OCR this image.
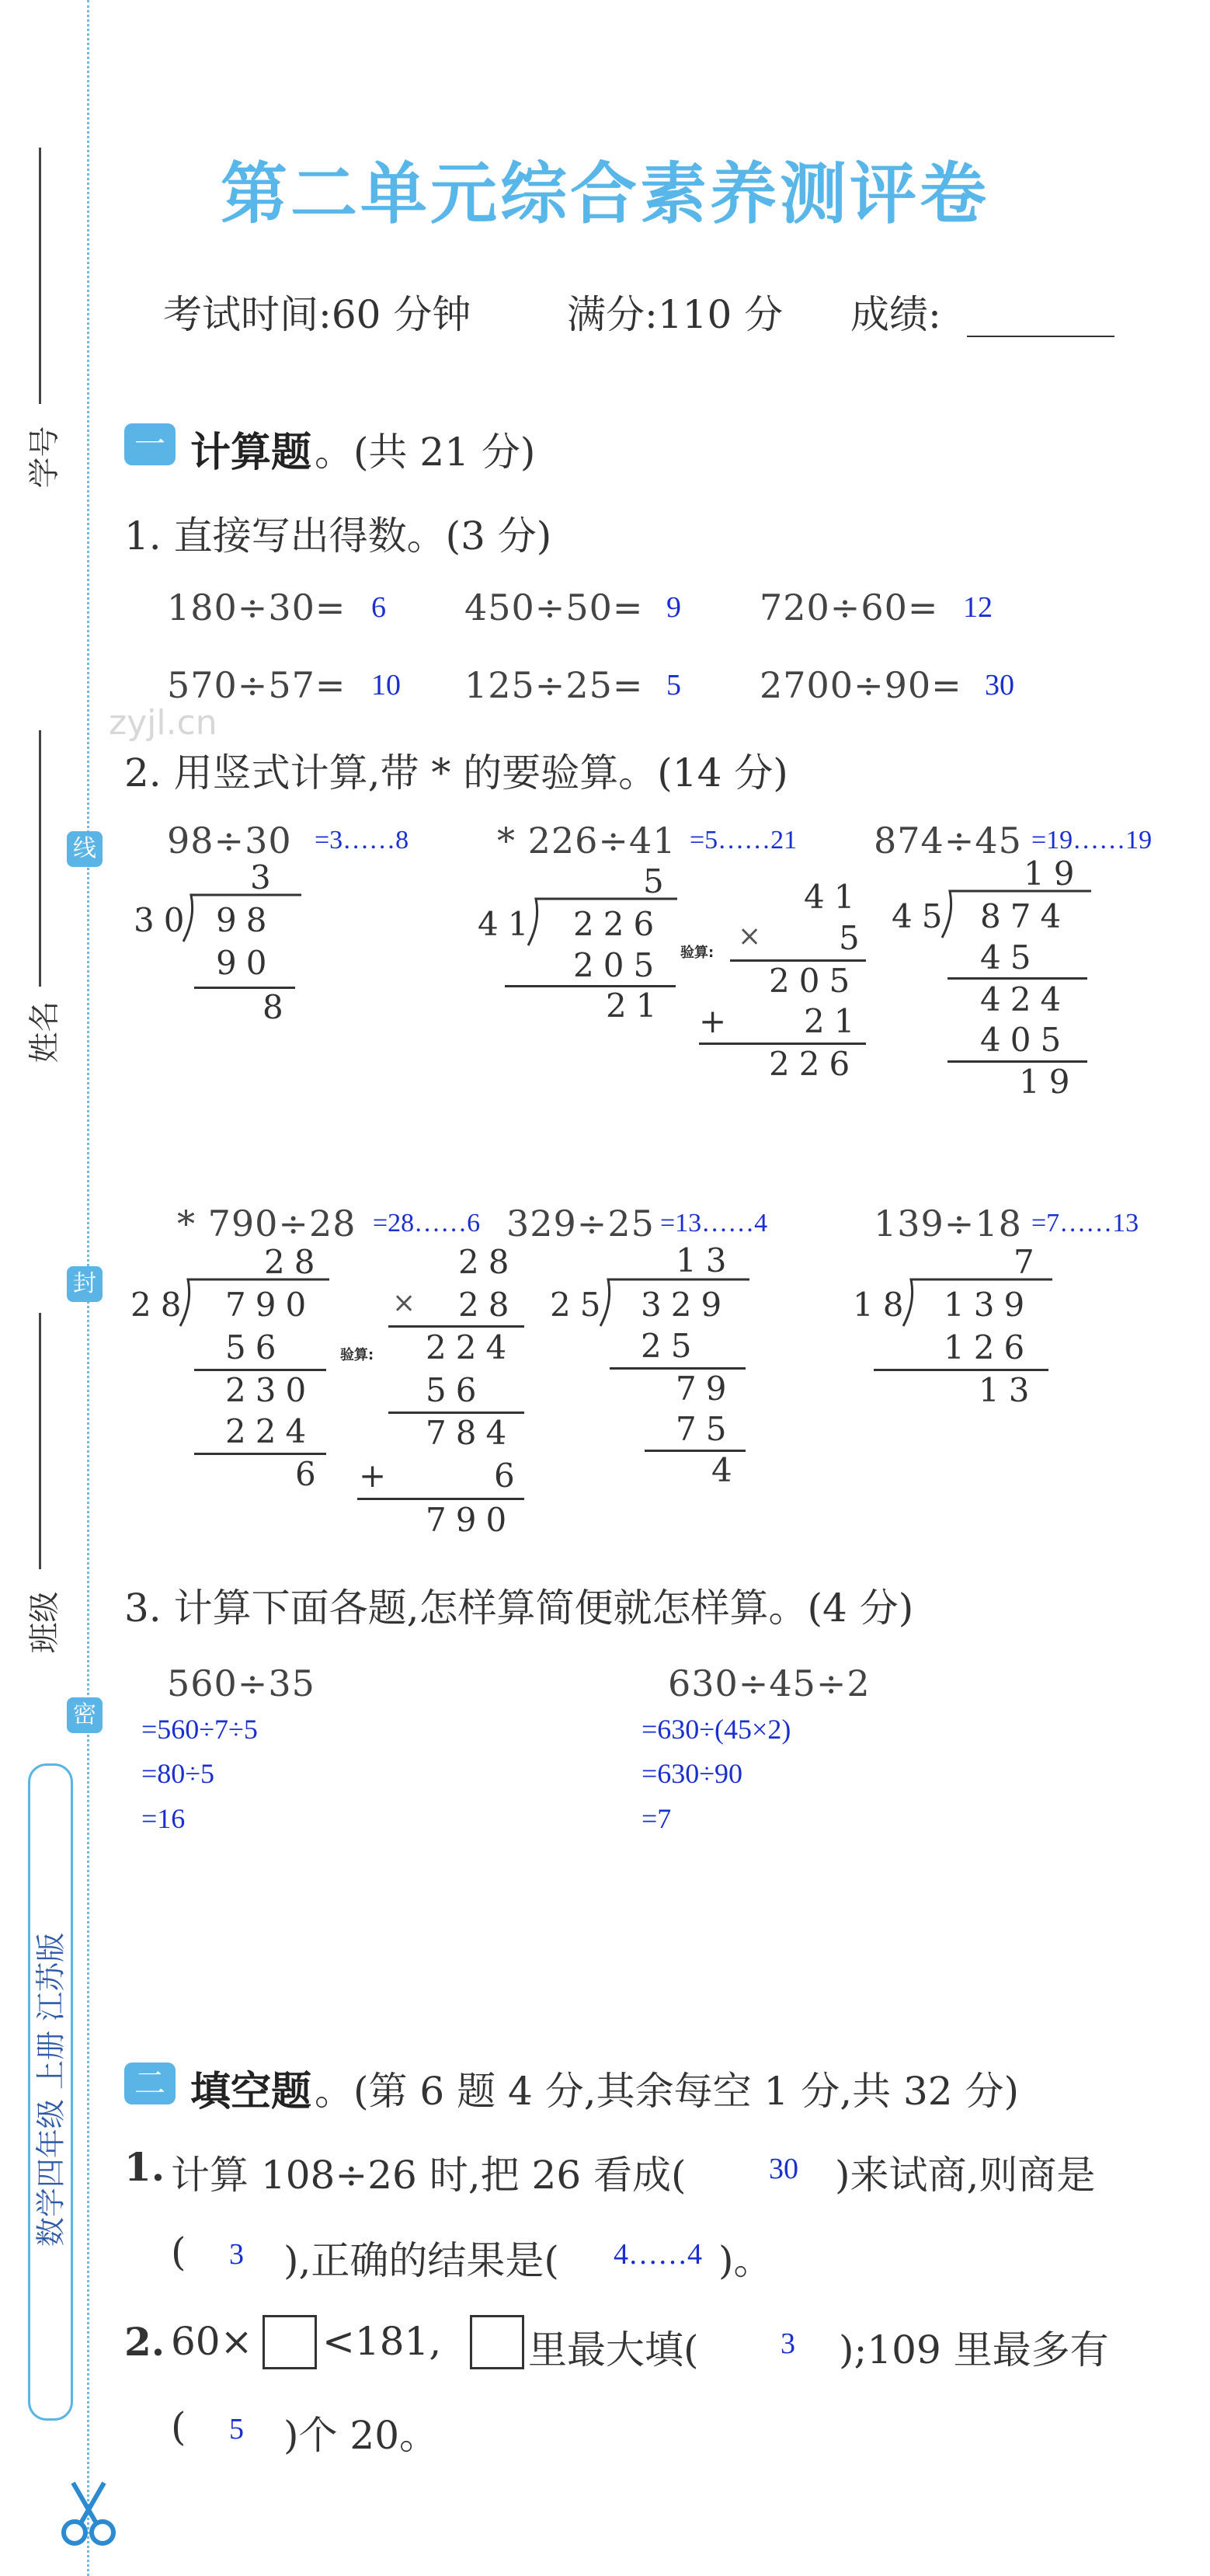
学号
姓名
班级
线
封
密
数学四年级 上册 江苏版
第二单元综合素养测评卷
考试时间:60 分钟 满分:110 分 成绩:
一 计算题 。(共 21 分)
1. 直接写出得数。(3 分)
180÷30= 6 450÷50= 9 720÷60= 12
570÷57= 10 125÷25= 5 2700÷90= 30
zyjl.cn
2. 用竖式计算,带 * 的要验算。(14 分)
98÷30 =3……8
3
30 98
90
8
* 226÷41 =5……21
5
41 226
205
21
验算:
41
× 5
205
+ 21
226
874÷45 =19……19
19
45 874
45
424
405
19
* 790÷28 =28……6
28
28 790
56
230
224
6
验算:
28
× 28
224
56
784
+	6
790
329÷25 =13……4
13
25 329
25
79
75
4
139÷18 =7……13
7
18 139
126
13
3. 计算下面各题,怎样算简便就怎样算。(4 分)
560÷35
=560÷7÷5
=80÷5
=16
630÷45÷2
=630÷(45×2)
=630÷90
=7
二 填空题 。(第 6 题 4 分,其余每空 1 分,共 32 分)
1. 计算 108÷26 时,把 26 看成(	30 )来试商,则商是
( 3 ),正确的结果是( 4……4 )。
2. 60× <181, 里最大填(	3 );109 里最多有
( 5 )个 20。
